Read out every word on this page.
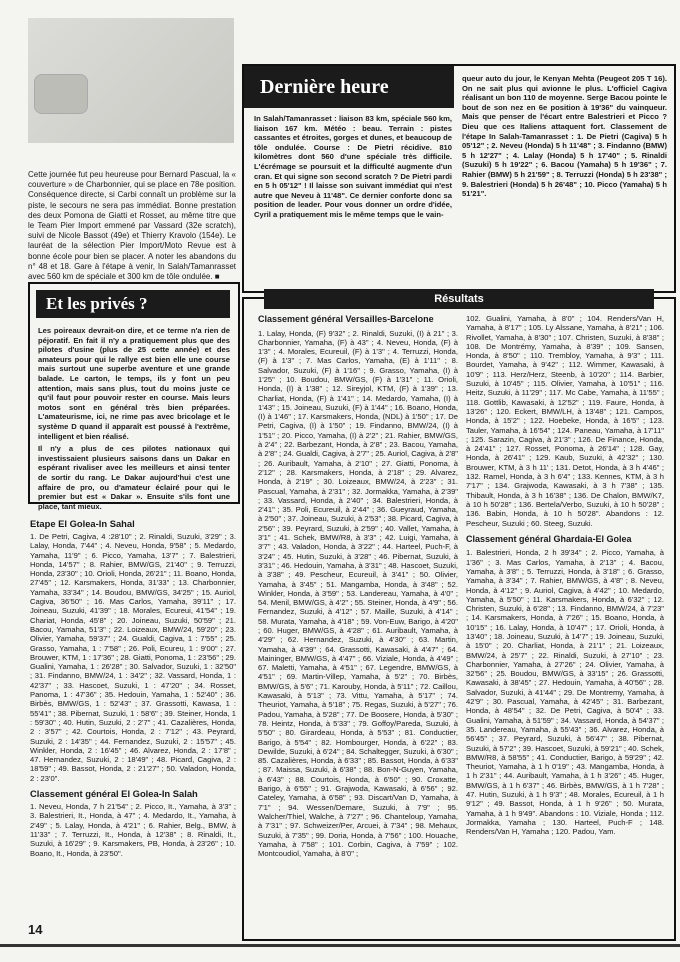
Cette journée fut peu heureuse pour Bernard Pascual, la « couverture » de Charbonnier, qui se place en 78e position. Conséquence directe, si Carbi connaît un problème sur la piste, le secours ne sera pas immédiat. Bonne prestation des deux Pomona de Giatti et Rosset, au même titre que le Team Pier Import emmené par Vassard (32e scratch), suivi de Nicole Bassot (49e) et Thierry Kravolo (154e). Le lauréat de la sélection Pier Import/Moto Revue est à bonne école pour bien se placer. A noter les abandons du n° 48 et 18. Gare à l'étape à venir, In Salah/Tamanrasset avec 560 km de spéciale et 300 km de tôle ondulée. ■
Dernière heure
In Salah/Tamanrasset : liaison 83 km, spéciale 560 km, liaison 167 km. Météo : beau. Terrain : pistes cassantes et étroites, gorges et dunes, et beaucoup de tôle ondulée. Course : De Pietri récidive. 810 kilomètres dont 560 d'une spéciale très difficile. L'écrémage se poursuit et la difficulté augmente d'un cran. Et qui signe son second scratch ? De Pietri pardi en 5 h 05'12" ! Il laisse son suivant immédiat qui n'est autre que Neveu à 11'48". Ce dernier conforte donc sa position de leader. Pour vous donner un ordre d'idée, Cyril a pratiquement mis le même temps que le vain-
queur auto du jour, le Kenyan Mehta (Peugeot 205 T 16). On ne sait plus qui avionne le plus. L'officiel Cagiva réalisant un bon 110 de moyenne. Serge Bacou pointe le bout de son nez en 6e position à 19'36" du vainqueur. Mais que penser de l'écart entre Balestrieri et Picco ? Dieu que ces Italiens attaquent fort. Classement de l'étape In Salah-Tamanrasset : 1. De Pietri (Cagiva) 5 h 05'12" ; 2. Neveu (Honda) 5 h 11'48" ; 3. Findanno (BMW) 5 h 12'27" ; 4. Lalay (Honda) 5 h 17'40" ; 5. Rinaldi (Suzuki) 5 h 19'22" ; 6. Bacou (Yamaha) 5 h 19'36" ; 7. Rahier (BMW) 5 h 21'59" ; 8. Terruzzi (Honda) 5 h 23'38" ; 9. Balestrieri (Honda) 5 h 26'48" ; 10. Picco (Yamaha) 5 h 51'21".
Et les privés ?

Les poireaux devrait-on dire, et ce terme n'a rien de péjoratif. En fait il n'y a pratiquement plus que des pilotes d'usine (plus de 25 cette année) et des amateurs pour qui le rallye est bien elle une course mais surtout une superbe aventure et une grande balade. Le carton, le temps, ils y font un peu attention, mais sans plus, tout du moins juste ce qu'il faut pour pouvoir rester en course. Mais leurs motos sont en général très bien préparées. L'amateurisme, ici, ne rime pas avec bricolage et le système D quand il apparaît est poussé à l'extrême, intelligent et bien réalisé.

Il n'y a plus de ces pilotes nationaux qui investissaient plusieurs saisons dans un Dakar en espérant rivaliser avec les meilleurs et ainsi tenter de sortir du rang. Le Dakar aujourd'hui c'est une affaire de pro, ou d'amateur éclairé pour qui le premier but est « Dakar ». Ensuite s'ils font une place, tant mieux.

Etape El Golea-In Sahal

1. De Petri, Cagiva, 4 :28'10" ; 2. Rinaldi, Suzuki, 3'29" ; 3. Lalay, Honda, 7'44" ; 4. Neveu, Honda, 9'58" ; 5. Medardo, Yamaha, 11'9" ; 6. Picco, Yamaha, 13'7" ; 7. Balestrieri, Honda, 14'57" ; 8. Rahier, BMW/GS, 21'40" ; 9. Terruzzi, Honda, 23'30" ; 10. Orioli, Honda, 26'21" ; 11. Boano, Honda, 27'45" ; 12. Karsmakers, Honda, 31'33" ; 13. Charbonnier, Yamaha, 33'34" ; 14. Boudou, BMW/GS, 34'25" ; 15. Auriol, Cagiva, 36'50" ; 16. Mas Carlos, Yamaha, 39'11" ; 17. Joineau, Suzuki, 41'39" ; 18. Morales, Ecureui, 41'54" ; 19. Chariat, Honda, 45'8" ; 20. Joineau, Suzuki, 50'59" ; 21. Bacou, Yamaha, 51'3" ; 22. Loizeaux, BMW/24, 59'20" ; 23. Olivier, Yamaha, 59'37" ; 24. Gualdi, Cagiva, 1 : 7'55" ; 25. Grasso, Yamaha, 1 : 7'58" ; 26. Poli, Ecureu, 1 : 9'00" ; 27. Brouwer, KTM, 1 : 17'36" ; 28. Giatti, Ponoma, 1 : 23'56" ; 29. Gualini, Yamaha, 1 : 26'28" ; 30. Salvador, Suzuki, 1 : 32'50" ; 31. Findanno, BMW/24, 1 : 34'2" ; 32. Vassard, Honda, 1 : 42'37" ; 33. Hascoet, Suzuki, 1 : 47'20" ; 34. Rosset, Panoma, 1 : 47'36" ; 35. Hedouin, Yamaha, 1 : 52'40" ; 36. Birbès, BMW/GS, 1 : 52'43" ; 37. Grassotti, Kawasa, 1 : 55'41" ; 38. Pibernat, Suzuki, 1 : 58'6" ; 39. Steiner, Honda, 1 : 59'30" ; 40. Hutin, Suzuki, 2 : 2'7" ; 41. Cazalières, Honda, 2 : 3'57" ; 42. Courtois, Honda, 2 : 7'12" ; 43. Peyrard, Suzuki, 2 : 14'35" ; 44. Fernandez, Suzuki, 2 : 15'57" ; 45. Winkler, Honda, 2 : 16'45" ; 46. Alvarez, Honda, 2 : 17'8" ; 47. Hernandez, Suzuki, 2 : 18'49" ; 48. Picard, Cagiva, 2 : 18'59" ; 49. Bassot, Honda, 2 : 21'27" ; 50. Valadon, Honda, 2 : 23'0".

Classement général El Golea-In Salah

1. Neveu, Honda, 7 h 21'54" ; 2. Picco, It., Yamaha, à 3'3" ; 3. Balestrieri, It., Honda, à 47" ; 4. Medardo, It., Yamaha, à 2'49" ; 5. Lalay, Honda, à 4'21" ; 6. Rahier, Belg., BMW, à 11'33" ; 7. Terruzzi, It., Honda, à 12'38" ; 8. Rinaldi, It., Suzuki, à 16'29" ; 9. Karsmakers, PB, Honda, à 23'26" ; 10. Boano, It., Honda, à 23'50".

Résultats
Classement général Versailles-Barcelone

1. Lalay, Honda, (F) 9'32" ; 2. Rinaldi, Suzuki, (I) à 21" ; 3. Charbonnier, Yamaha, (F) à 43" ; 4. Neveu, Honda, (F) à 1'3" ; 4. Morales, Ecureuil, (F) à 1'3" ; 4. Terruzzi, Honda, (F) à 1'3" ; 7. Mas Carlos, Yamaha, (E) à 1'11" ; 8. Salvador, Suzuki, (F) à 1'16" ; 9. Grasso, Yamaha, (I) à 1'25" ; 10. Boudou, BMW/GS, (F) à 1'31" ; 11. Orioli, Honda, (I) à 1'38" ; 12. Sireyjol, KTM, (F) à 1'39" ; 13. Charliat, Honda, (F) à 1'41" ; 14. Medardo, Yamaha, (I) à 1'43" ; 15. Joineau, Suzuki, (F) à 1'44" ; 16. Boano, Honda, (I) à 1'46" ; 17. Karsmakers, Honda, (NDL) à 1'50" ; 17. De Petri, Cagiva, (I) à 1'50" ; 19. Findanno, BMW/24, (I) à 1'51" ; 20. Picco, Yamaha, (I) à 2'2" ; 21. Rahier, BMW/GS, à 2'4" ; 22. Barbezant, Honda, à 2'8" ; 23. Bacou, Yamaha, à 2'8" ; 24. Gualdi, Cagiva, à 2'7" ; 25. Auriol, Cagiva, à 2'8" ; 26. Auribault, Yamaha, à 2'10" ; 27. Giatti, Ponoma, à 2'12" ; 28. Karsmakers, Honda, à 2'18" ; 29. Alvarez, Honda, à 2'19" ; 30. Loizeaux, BMW/24, à 2'23" ; 31. Pascual, Yamaha, à 2'31" ; 32. Jormakka, Yamaha, à 2'39" ; 33. Vassard, Honda, à 2'40" ; 34. Balestrieri, Honda, à 2'41" ; 35. Poli, Ecureuil, à 2'44" ; 36. Gueyraud, Yamaha, à 2'50" ; 37. Joineau, Suzuki, à 2'53" ; 38. Picard, Cagiva, à 2'56" ; 39. Peyrard, Suzuki, à 2'59" ; 40. Vallet, Yamaha, à 3'1" ; 41. Schek, BMW/R8, à 3'3" ; 42. Luigi, Yamaha, à 3'7" ; 43. Valadon, Honda, à 3'22" ; 44. Harteel, Puch-F, à 3'24" ; 45. Hutin, Suzuki, à 3'28" ; 46. Pibernat, Suzuki, à 3'31" ; 46. Hedouin, Yamaha, à 3'31" ; 48. Hascoet, Suzuki, à 3'38" ; 49. Pescheur, Ecureuil, à 3'41" ; 50. Olivier, Yamaha, à 3'45" ; 51. Mangamba, Honda, à 3'48" ; 52. Winkler, Honda, à 3'59" ; 53. Landereau, Yamaha, à 4'0" ; 54. Menil, BMW/GS, à 4'2" ; 55. Steiner, Honda, à 4'9" ; 56. Fernandez, Suzuki, à 4'12" ; 57. Maille, Suzuki, à 4'14" ; 58. Murata, Yamaha, à 4'18" ; 59. Von-Euw, Barigo, à 4'20" ; 60. Huger, BMW/GS, à 4'28" ; 61. Auribault, Yamaha, à 4'29" ; 62. Hernandez, Suzuki, à 4'30" ; 63. Martin, Yamaha, à 4'39" ; 64. Grassotti, Kawasaki, à 4'47" ; 64. Maininger, BMW/GS, à 4'47" ; 66. Viziale, Honda, à 4'49" ; 67. Maletti, Yamaha, à 4'51" ; 67. Legendre, BMW/GS, à 4'51" ; 69. Martin-Villep, Yamaha, à 5'2" ; 70. Birbès, BMW/GS, à 5'6" ; 71. Karouby, Honda, à 5'11" ; 72. Caillou, Kawasaki, à 5'13" ; 73. Vittu, Yamaha, à 5'17" ; 74. Theuriot, Yamaha, à 5'18" ; 75. Regas, Suzuki, à 5'27" ; 76. Padou, Yamaha, à 5'28" ; 77. De Boosere, Honda, à 5'30" ; 78. Heintz, Honda, à 5'33" ; 79. Goffoy/Pareda, Suzuki, à 5'50" ; 80. Girardeau, Honda, à 5'53" ; 81. Conductier, Barigo, à 5'54" ; 82. Hombourger, Honda, à 6'22" ; 83. Dewilde, Suzuki, à 6'24" ; 84. Schaltegger, Suzuki, à 6'30" ; 85. Cazalières, Honda, à 6'33" ; 85. Bassot, Honda, à 6'33" ; 87. Maissa, Suzuki, à 6'38" ; 88. Bon-N-Guyen, Yamaha, à 6'43" ; 88. Courtois, Honda, à 6'50" ; 90. Croxatte, Barigo, à 6'55" ; 91. Grajwoda, Kawasaki, à 6'56" ; 92. Cateley, Yamaha, à 6'58" ; 93. Discart/Van D, Yamaha, à 7'1" ; 94. Wessen/Demare, Suzuki, à 7'9" ; 95. Walcher/Thiel, Walche, à 7'27" ; 96. Chanteloup, Yamaha, à 7'31" ; 97. Schweizer/Per, Arcuei, à 7'34" ; 98. Mehaux, Suzuki, à 7'35" ; 99. Doria, Honda, à 7'56" ; 100. Houache, Yamaha, à 7'58" ; 101. Corbin, Cagiva, à 7'59" ; 102. Montcoudiol, Yamaha, à 8'0" ;

102. Gualini, Yamaha, à 8'0" ; 104. Renders/Van H, Yamaha, à 8'17" ; 105. Ly Alssane, Yamaha, à 8'21" ; 106. Rivollet, Yamaha, à 8'30" ; 107. Christen, Suzuki, à 8'38" ; 108. De Montrémy, Yamaha, à 8'39" ; 109. Sansen, Honda, à 8'50" ; 110. Tremblоy, Yamaha, à 9'3" ; 111. Bourdet, Yamaha, à 9'42" ; 112. Wimmer, Kawasaki, à 10'9" ; 113. Herz/Herz, Steenb, à 10'20" ; 114. Barbier, Suzuki, à 10'45" ; 115. Olivier, Yamaha, à 10'51" ; 116. Heitz, Suzuki, à 11'29" ; 117. Mc Cabe, Yamaha, à 11'55" ; 118. Gottlib, Kawasaki, à 12'52" ; 119. Faure, Honda, à 13'26" ; 120. Eckert, BMW/LH, à 13'48" ; 121. Campos, Honda, à 15'2" ; 122. Hoebeke, Honda, à 16'5" ; 123. Tauler, Yamaha, à 16'54" ; 124. Paneau, Yamaha, à 17'11" ; 125. Sarazin, Cagiva, à 21'3" ; 126. De Finance, Honda, à 24'41" ; 127. Rosset, Ponoma, à 26'14" ; 128. Gay, Honda, à 26'41" ; 129. Kaub, Suzuki, à 42'32" ; 130. Brouwer, KTM, à 3 h 11' ; 131. Detot, Honda, à 3 h 4'46" ; 132. Ramel, Honda, à 3 h 6'4" ; 133. Kennes, KTM, à 3 h 7'17" ; 134. Grajwoda, Kawasaki, à 3 h 7'38" ; 135. Thibault, Honda, à 3 h 16'38" ; 136. De Chalon, BMW/K7, à 10 h 50'28" ; 136. Bertela/Verbo, Suzuki, à 10 h 50'28" ; 136. Babin, Honda, à 10 h 50'28". Abandons : 12. Pescheur, Suzuki ; 60. Steeg, Suzuki.

Classement général Ghardaia-El Golea

1. Balestrieri, Honda, 2 h 39'34" ; 2. Picco, Yamaha, à 1'36" ; 3. Mas Carlos, Yamaha, à 2'13" ; 4. Bacou, Yamaha, à 3'8" ; 5. Terruzzi, Honda, à 3'18" ; 6. Grasso, Yamaha, à 3'34" ; 7. Rahier, BMW/GS, à 4'8" ; 8. Neveu, Honda, à 4'12" ; 9. Auriol, Cagiva, à 4'42" ; 10. Medardo, Yamaha, à 5'50" ; 11. Karsmakers, Honda, à 6'32" ; 12. Christen, Suzuki, à 6'28" ; 13. Findanno, BMW/24, à 7'23" ; 14. Karsmakers, Honda, à 7'26" ; 15. Boano, Honda, à 10'15" ; 16. Lalay, Honda, à 10'47" ; 17. Orioli, Honda, à 13'40" ; 18. Joineau, Suzuki, à 14'7" ; 19. Joineau, Suzuki, à 15'0" ; 20. Charliat, Honda, à 21'1" ; 21. Loizeaux, BMW/24, à 25'7" ; 22. Rinaldi, Suzuki, à 27'10" ; 23. Charbonnier, Yamaha, à 27'26" ; 24. Olivier, Yamaha, à 32'56" ; 25. Boudou, BMW/GS, à 33'15" ; 26. Grassotti, Kawasaki, à 38'45" ; 27. Hedouin, Yamaha, à 40'56" ; 28. Salvador, Suzuki, à 41'44" ; 29. De Montremy, Yamaha, à 42'9" ; 30. Pascual, Yamaha, à 42'45" ; 31. Barbezant, Honda, à 48'54" ; 32. De Petri, Cagiva, à 50'4" ; 33. Gualini, Yamaha, à 51'59" ; 34. Vassard, Honda, à 54'37" ; 35. Landereau, Yamaha, à 55'43" ; 36. Alvarez, Honda, à 56'45" ; 37. Peyrard, Suzuki, à 56'47" ; 38. Pibernat, Suzuki, à 57'2" ; 39. Hascoet, Suzuki, à 59'21" ; 40. Schek, BMW/R8, à 58'55" ; 41. Conductier, Barigo, à 59'29" ; 42. Theuriot, Yamaha, à 1 h 0'19" ; 43. Mangamba, Honda, à 1 h 2'31" ; 44. Auribault, Yamaha, à 1 h 3'26" ; 45. Huger, BMW/GS, à 1 h 6'37" ; 46. Birbès, BMW/GS, à 1 h 7'28" ; 47. Hutin, Suzuki, à 1 h 9'3" ; 48. Morales, Ecureuil, à 1 h 9'12" ; 49. Bassot, Honda, à 1 h 9'26" ; 50. Murata, Yamaha, à 1 h 9'49". Abandons : 10. Viziale, Honda ; 112. Jormakka, Yamaha ; 130. Harteel, Puch-F ; 148. Renders/Van H, Yamaha ; 120. Padou, Yam.

14
